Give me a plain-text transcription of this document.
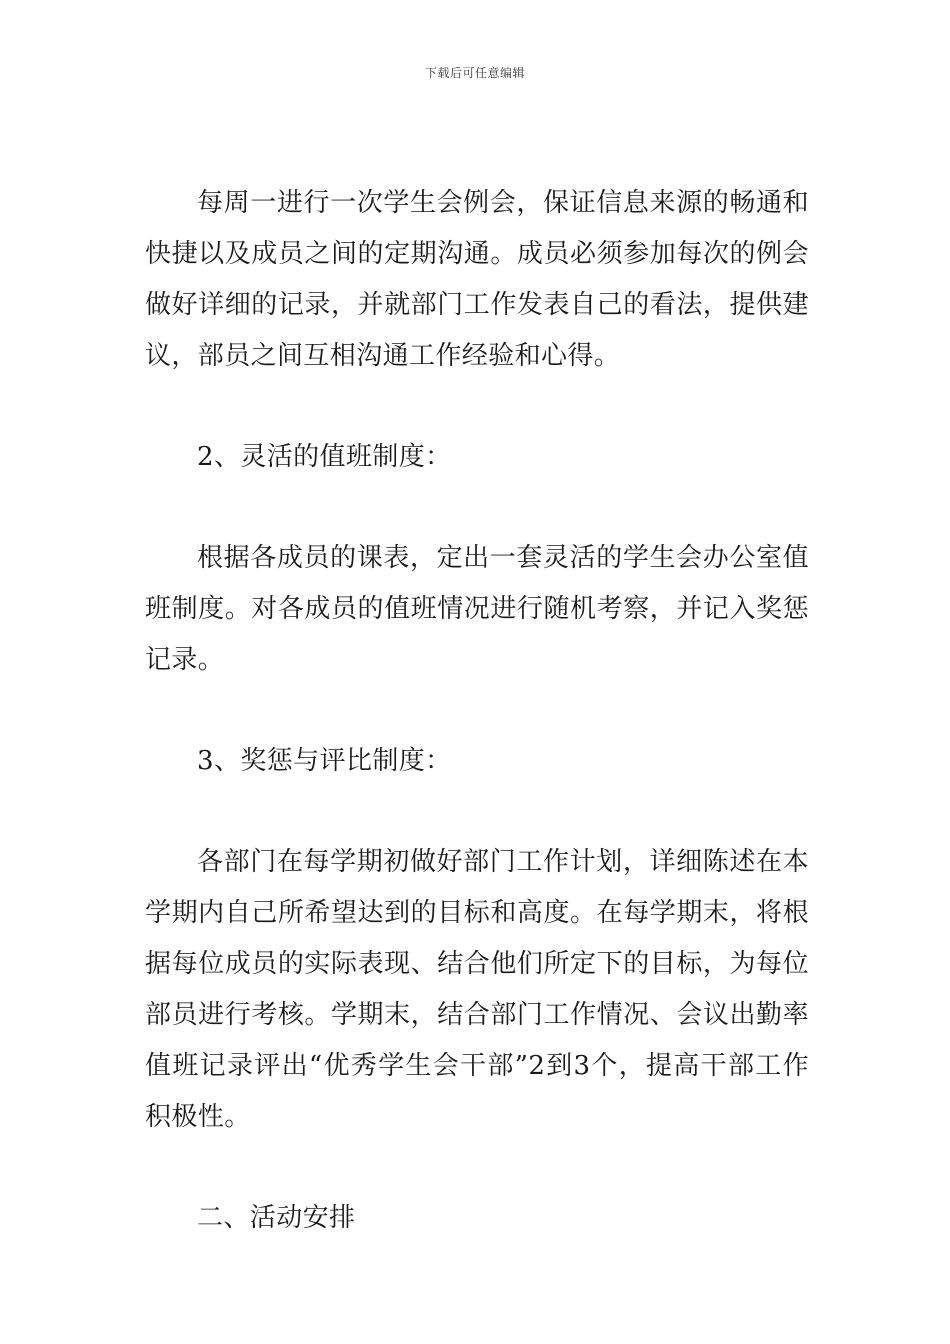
下载后可任意编辑

每周一进行一次学生会例会，保证信息来源的畅通和快捷以及成员之间的定期沟通。成员必须参加每次的例会做好详细的记录，并就部门工作发表自己的看法，提供建议，部员之间互相沟通工作经验和心得。

2、灵活的值班制度：

根据各成员的课表，定出一套灵活的学生会办公室值班制度。对各成员的值班情况进行随机考察，并记入奖惩记录。

3、奖惩与评比制度：

各部门在每学期初做好部门工作计划，详细陈述在本学期内自己所希望达到的目标和高度。在每学期末，将根据每位成员的实际表现、结合他们所定下的目标，为每位部员进行考核。学期末，结合部门工作情况、会议出勤率值班记录评出“优秀学生会干部”2到3个，提高干部工作积极性。

二、活动安排
